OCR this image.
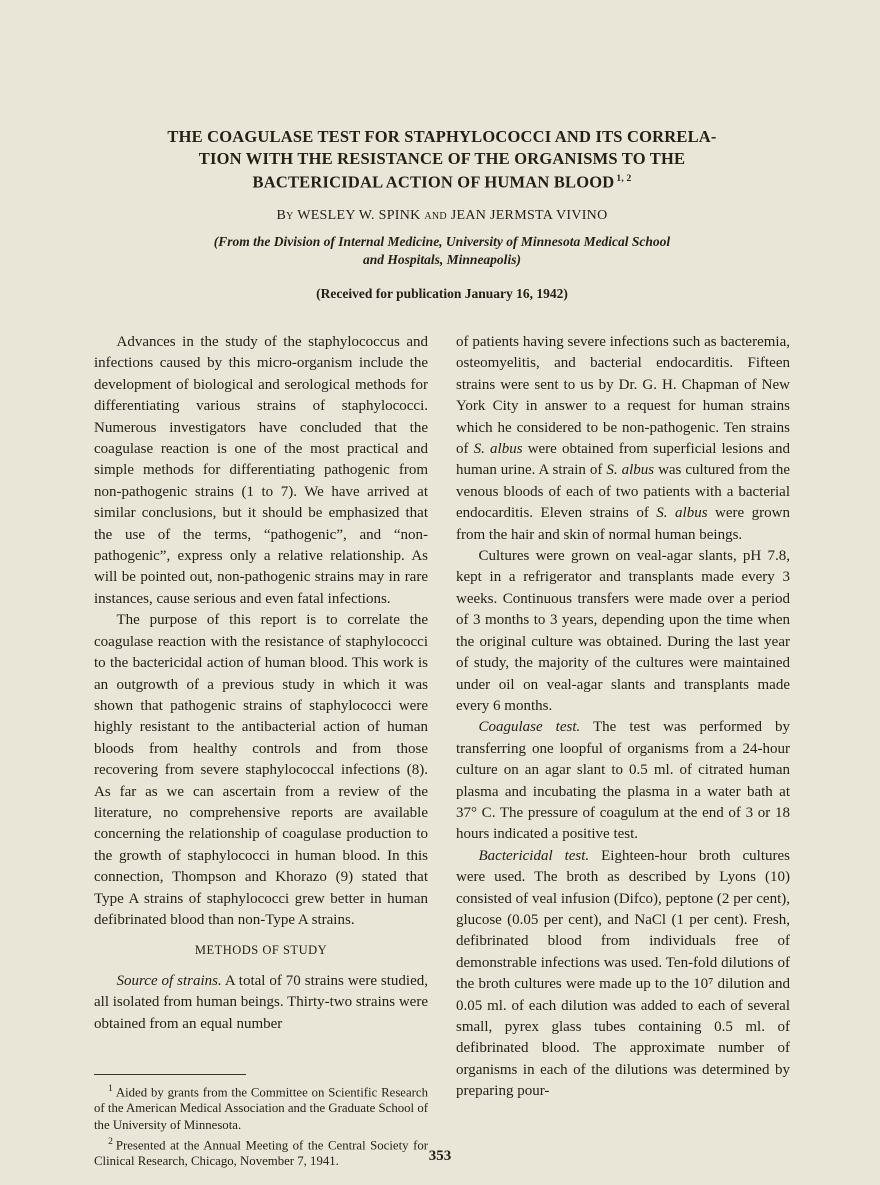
THE COAGULASE TEST FOR STAPHYLOCOCCI AND ITS CORRELA-
TION WITH THE RESISTANCE OF THE ORGANISMS TO THE
BACTERICIDAL ACTION OF HUMAN BLOOD $^{1, 2}$
By WESLEY W. SPINK and JEAN JERMSTA VIVINO
(From the Division of Internal Medicine, University of Minnesota Medical School
and Hospitals, Minneapolis)
(Received for publication January 16, 1942)

Advances in the study of the staphylococcus and infections caused by this micro-organism include the development of biological and serological methods for differentiating various strains of staphylococci. Numerous investigators have concluded that the coagulase reaction is one of the most practical and simple methods for differentiating pathogenic from non-pathogenic strains (1 to 7). We have arrived at similar conclusions, but it should be emphasized that the use of the terms, “pathogenic”, and “non-pathogenic”, express only a relative relationship. As will be pointed out, non-pathogenic strains may in rare instances, cause serious and even fatal infections.

The purpose of this report is to correlate the coagulase reaction with the resistance of staphylococci to the bactericidal action of human blood. This work is an outgrowth of a previous study in which it was shown that pathogenic strains of staphylococci were highly resistant to the antibacterial action of human bloods from healthy controls and from those recovering from severe staphylococcal infections (8). As far as we can ascertain from a review of the literature, no comprehensive reports are available concerning the relationship of coagulase production to the growth of staphylococci in human blood. In this connection, Thompson and Khorazo (9) stated that Type A strains of staphylococci grew better in human defibrinated blood than non-Type A strains.

METHODS OF STUDY

Source of strains. A total of 70 strains were studied, all isolated from human beings. Thirty-two strains were obtained from an equal number

$^1$ Aided by grants from the Committee on Scientific Research of the American Medical Association and the Graduate School of the University of Minnesota.

$^2$ Presented at the Annual Meeting of the Central Society for Clinical Research, Chicago, November 7, 1941.

of patients having severe infections such as bacteremia, osteomyelitis, and bacterial endocarditis. Fifteen strains were sent to us by Dr. G. H. Chapman of New York City in answer to a request for human strains which he considered to be non-pathogenic. Ten strains of S. albus were obtained from superficial lesions and human urine. A strain of S. albus was cultured from the venous bloods of each of two patients with a bacterial endocarditis. Eleven strains of S. albus were grown from the hair and skin of normal human beings.

Cultures were grown on veal-agar slants, pH 7.8, kept in a refrigerator and transplants made every 3 weeks. Continuous transfers were made over a period of 3 months to 3 years, depending upon the time when the original culture was obtained. During the last year of study, the majority of the cultures were maintained under oil on veal-agar slants and transplants made every 6 months.

Coagulase test. The test was performed by transferring one loopful of organisms from a 24-hour culture on an agar slant to 0.5 ml. of citrated human plasma and incubating the plasma in a water bath at 37° C. The pressure of coagulum at the end of 3 or 18 hours indicated a positive test.

Bactericidal test. Eighteen-hour broth cultures were used. The broth as described by Lyons (10) consisted of veal infusion (Difco), peptone (2 per cent), glucose (0.05 per cent), and NaCl (1 per cent). Fresh, defibrinated blood from individuals free of demonstrable infections was used. Ten-fold dilutions of the broth cultures were made up to the 10⁷ dilution and 0.05 ml. of each dilution was added to each of several small, pyrex glass tubes containing 0.5 ml. of defibrinated blood. The approximate number of organisms in each of the dilutions was determined by preparing pour-

353
